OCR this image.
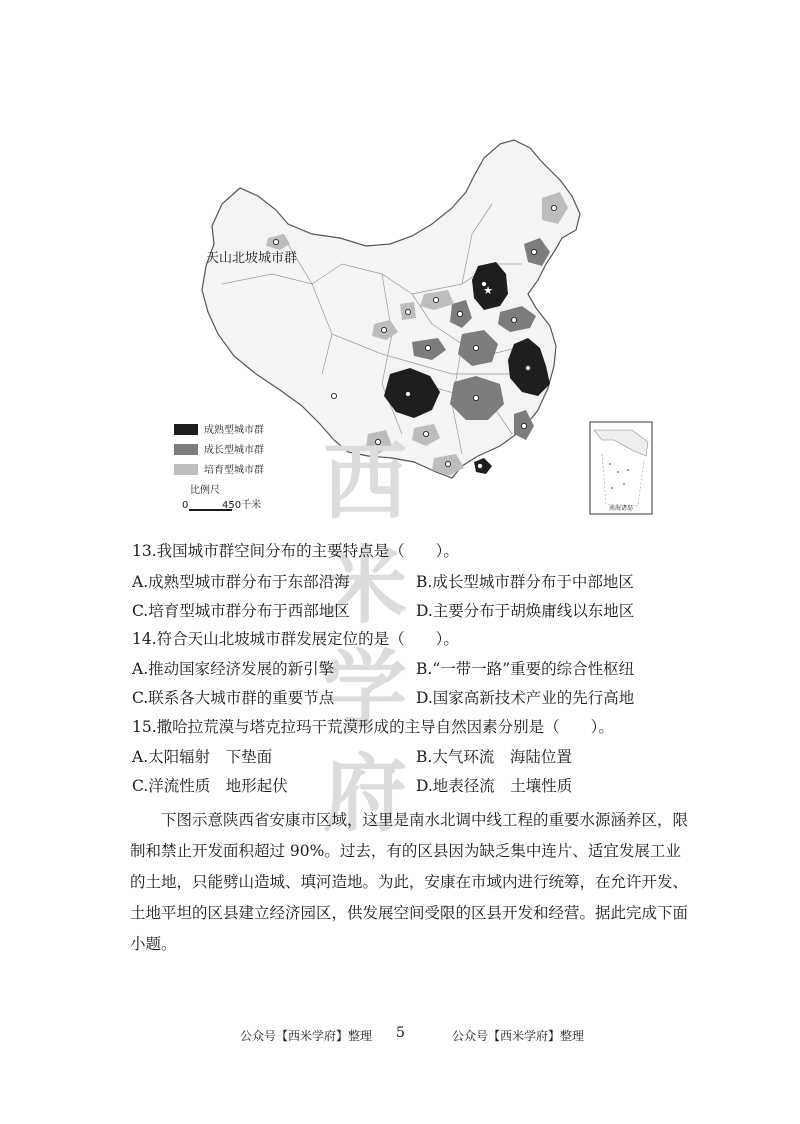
★
天山北坡城市群
成熟型城市群
成长型城市群
培育型城市群
比例尺
0	450千米	南海诸岛
西米
学府
13.我国城市群空间分布的主要特点是（　　）。
A.成熟型城市群分布于东部沿海	B.成长型城市群分布于中部地区
C.培育型城市群分布于西部地区	D.主要分布于胡焕庸线以东地区
14.符合天山北坡城市群发展定位的是（　　）。
A.推动国家经济发展的新引擎	B.“一带一路”重要的综合性枢纽
C.联系各大城市群的重要节点	D.国家高新技术产业的先行高地
15.撒哈拉荒漠与塔克拉玛干荒漠形成的主导自然因素分别是（　　）。
A.太阳辐射　下垫面	B.大气环流　海陆位置
C.洋流性质　地形起伏	D.地表径流　土壤性质

下图示意陕西省安康市区域，这里是南水北调中线工程的重要水源涵养区，限制和禁止开发面积超过 90%。过去，有的区县因为缺乏集中连片、适宜发展工业的土地，只能劈山造城、填河造地。为此，安康在市域内进行统筹，在允许开发、土地平坦的区县建立经济园区，供发展空间受限的区县开发和经营。据此完成下面小题。

公众号【西米学府】整理 5	公众号【西米学府】整理
